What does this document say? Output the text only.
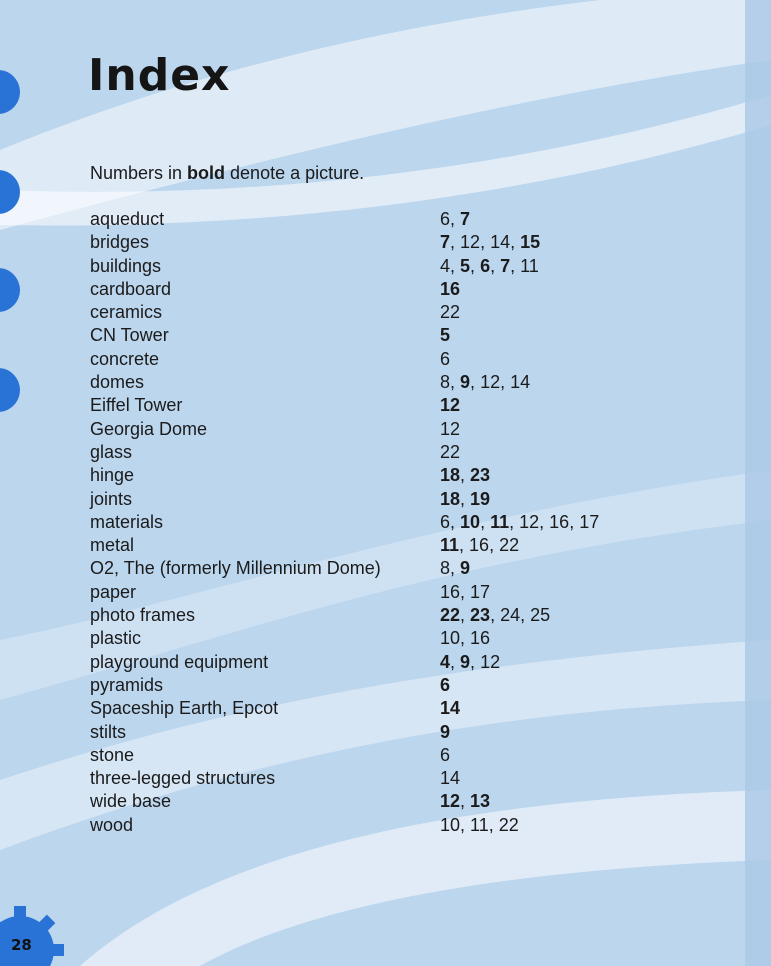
Index
Numbers in bold denote a picture.
aqueduct	6, 7
bridges	7, 12, 14, 15
buildings	4, 5, 6, 7, 11
cardboard	16
ceramics	22
CN Tower	5
concrete	6
domes	8, 9, 12, 14
Eiffel Tower	12
Georgia Dome	12
glass	22
hinge	18, 23
joints	18, 19
materials	6, 10, 11, 12, 16, 17
metal	11, 16, 22
O2, The (formerly Millennium Dome)	8, 9
paper	16, 17
photo frames	22, 23, 24, 25
plastic	10, 16
playground equipment	4, 9, 12
pyramids	6
Spaceship Earth, Epcot	14
stilts	9
stone	6
three-legged structures	14
wide base	12, 13
wood	10, 11, 22
28
